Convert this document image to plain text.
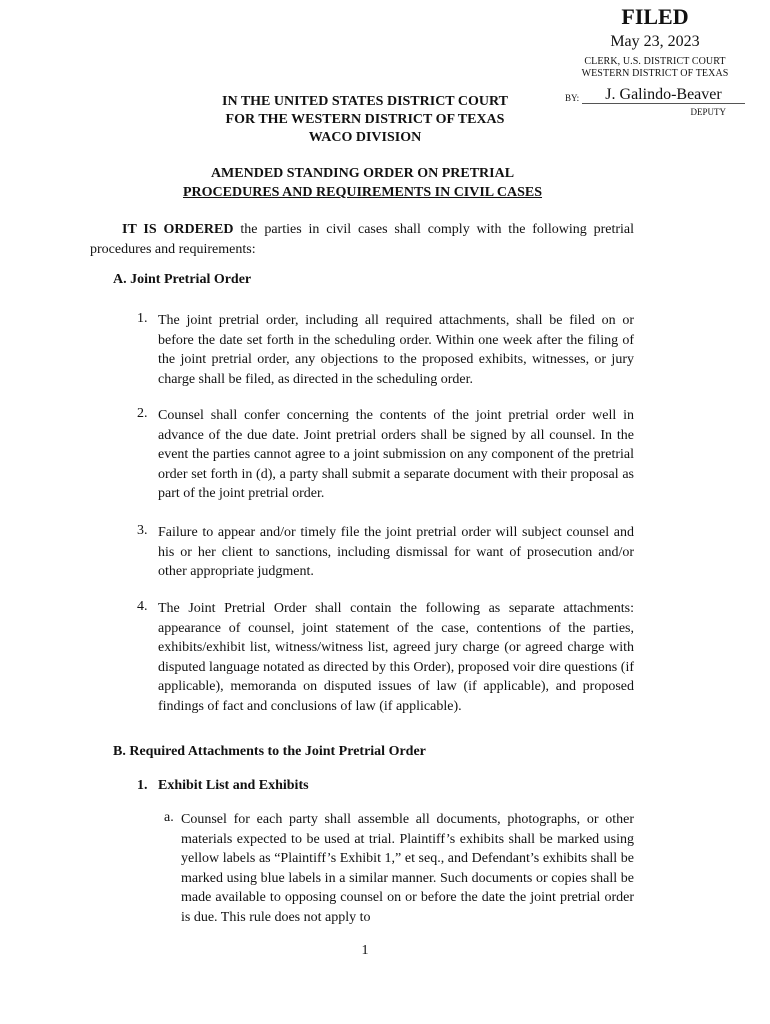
FILED
May 23, 2023
CLERK, U.S. DISTRICT COURT
WESTERN DISTRICT OF TEXAS
BY:	J. Galindo-Beaver
DEPUTY
IN THE UNITED STATES DISTRICT COURT
FOR THE WESTERN DISTRICT OF TEXAS
WACO DIVISION
AMENDED STANDING ORDER ON PRETRIAL
PROCEDURES AND REQUIREMENTS IN CIVIL CASES
IT IS ORDERED the parties in civil cases shall comply with the following pretrial procedures and requirements:
A. Joint Pretrial Order
1. The joint pretrial order, including all required attachments, shall be filed on or before the date set forth in the scheduling order. Within one week after the filing of the joint pretrial order, any objections to the proposed exhibits, witnesses, or jury charge shall be filed, as directed in the scheduling order.
2. Counsel shall confer concerning the contents of the joint pretrial order well in advance of the due date. Joint pretrial orders shall be signed by all counsel. In the event the parties cannot agree to a joint submission on any component of the pretrial order set forth in (d), a party shall submit a separate document with their proposal as part of the joint pretrial order.
3. Failure to appear and/or timely file the joint pretrial order will subject counsel and his or her client to sanctions, including dismissal for want of prosecution and/or other appropriate judgment.
4. The Joint Pretrial Order shall contain the following as separate attachments: appearance of counsel, joint statement of the case, contentions of the parties, exhibits/exhibit list, witness/witness list, agreed jury charge (or agreed charge with disputed language notated as directed by this Order), proposed voir dire questions (if applicable), memoranda on disputed issues of law (if applicable), and proposed findings of fact and conclusions of law (if applicable).
B. Required Attachments to the Joint Pretrial Order
1. Exhibit List and Exhibits
a. Counsel for each party shall assemble all documents, photographs, or other materials expected to be used at trial. Plaintiff’s exhibits shall be marked using yellow labels as “Plaintiff’s Exhibit 1,” et seq., and Defendant’s exhibits shall be marked using blue labels in a similar manner. Such documents or copies shall be made available to opposing counsel on or before the date the joint pretrial order is due. This rule does not apply to
1
